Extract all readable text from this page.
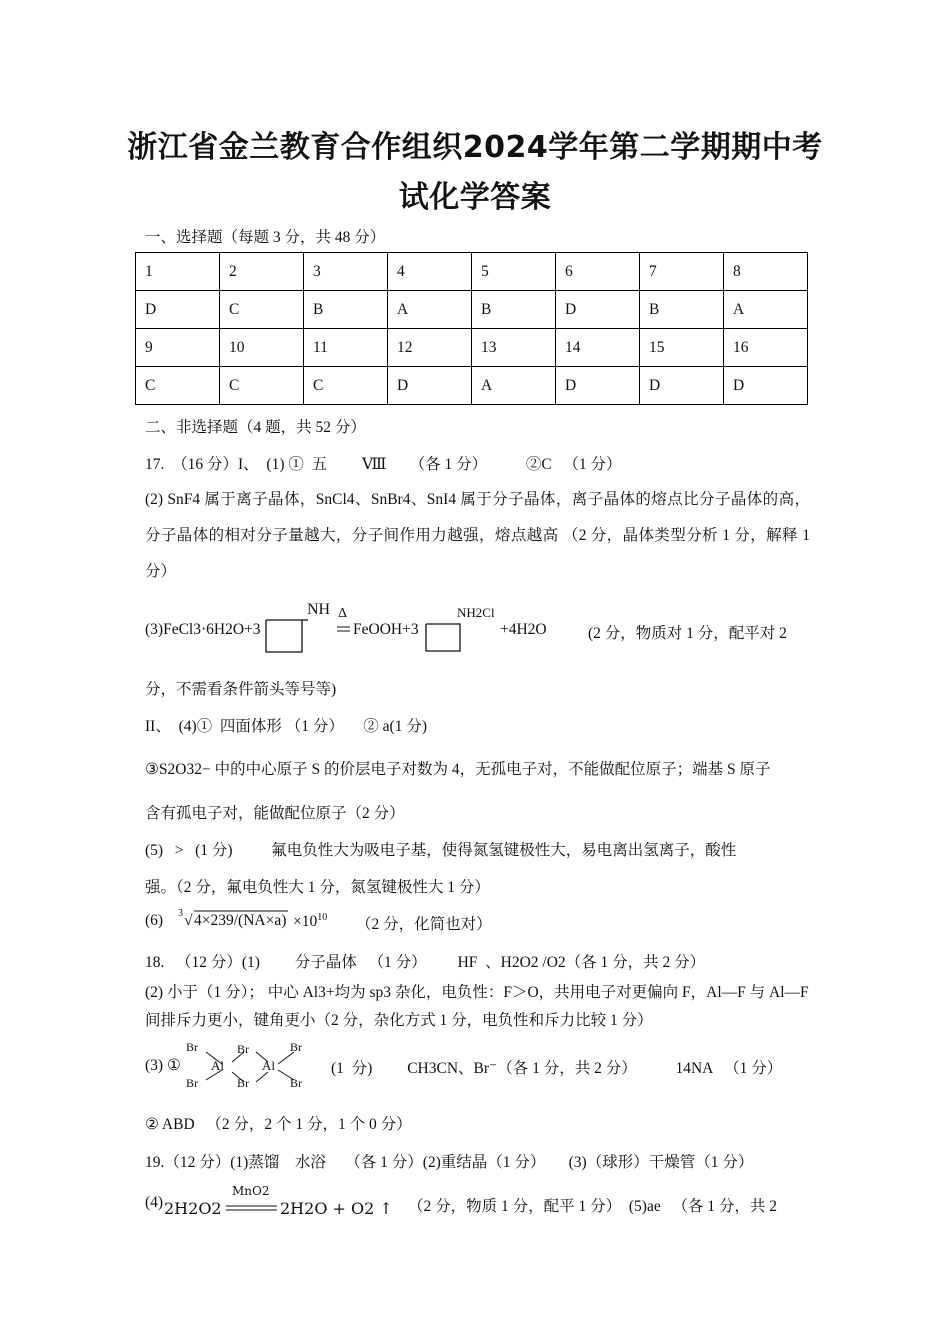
浙江省金兰教育合作组织2024学年第二学期期中考
试化学答案
一、选择题（每题 3 分，共 48 分）
1	2	3	4	5	6	7	8
D	C	B	A	B	D	B	A
9	10	11	12	13	14	15	16
C	C	C	D	A	D	D	D
二、非选择题（4 题，共 52 分）
17.  （16 分）I、  (1) ①  五         Ⅷ      （各 1 分）          ②C   （1 分）
(2) SnF4 属于离子晶体，SnCl4、SnBr4、SnI4 属于分子晶体，离子晶体的熔点比分子晶体的高，分子晶体的相对分子量越大，分子间作用力越强，熔点越高 （2 分，晶体类型分析 1 分，解释 1 分）
(3)FeCl3·6H2O+3
NH Δ
FeOOH+3
NH2Cl
+4H2O	(2 分，物质对 1 分，配平对 2
分，不需看条件箭头等号等)
II、  (4)①  四面体形 （1 分）     ② a(1 分)
③S2O32− 中的中心原子 S 的价层电子对数为 4，无孤电子对，不能做配位原子；端基 S 原子
含有孤电子对，能做配位原子（2 分）
(5)   >   (1 分)          氟电负性大为吸电子基，使得氮氢键极性大，易电离出氢离子，酸性
强。（2 分，氟电负性大 1 分，氮氢键极性大 1 分）
(6) 3 √ $4\times 239/(NA\times a) \times 10^{10}$ （2 分，化简也对）
18.   （12 分）(1)         分子晶体   （1 分）        HF  、H2O2 /O2（各 1 分，共 2 分）
(2) 小于（1 分）； 中心 Al3+均为 sp3 杂化，电负性：F＞O，共用电子对更偏向 F，Al—F 与 Al—F 间排斥力更小，键角更小（2 分，杂化方式 1 分，电负性和斥力比较 1 分）
(3) ①
Br
Br
Al
Br
Br
Al
Br
Br
(1  分)         CH3CN、Br⁻（各 1 分，共 2 分）          14NA   （1 分）
② ABD   （2 分，2 个 1 分，1 个 0 分）
19.（12 分）(1)蒸馏    水浴     （各 1 分）(2)重结晶（1 分）      (3)（球形）干燥管（1 分）
(4) 2H2O2
MnO2
2H2O + O2 ↑ （2 分，物质 1 分，配平 1 分）  (5)ae   （各 1 分，共 2
